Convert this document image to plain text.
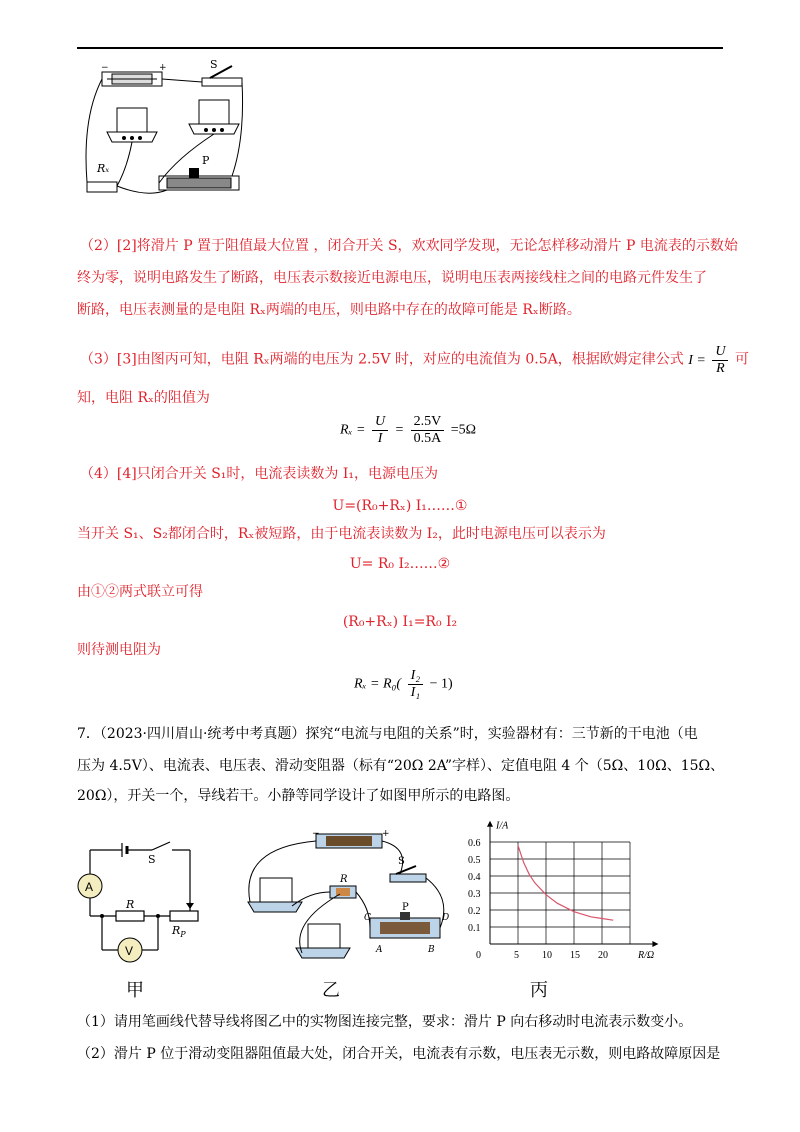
−	+	S
Rₓ
P
（2）[2]将滑片 P 置于阻值最大位置 ，闭合开关 S，欢欢同学发现，无论怎样移动滑片 P 电流表的示数始
终为零，说明电路发生了断路，电压表示数接近电源电压，说明电压表两接线柱之间的电路元件发生了
断路，电压表测量的是电阻 Rₓ两端的电压，则电路中存在的故障可能是 Rₓ断路。
（3）[3]由图丙可知，电阻 Rₓ两端的电压为 2.5V 时，对应的电流值为 0.5A，根据欧姆定律公式 $I = \frac{U}{R}$ 可
知，电阻 Rₓ的阻值为
$R_x = \frac{U}{I} = \frac{2.5V}{0.5A} =5\Omega$
（4）[4]只闭合开关 S₁时，电流表读数为 I₁，电源电压为
U=(R₀+Rₓ) I₁……①
当开关 S₁、S₂都闭合时，Rₓ被短路，由于电流表读数为 I₂，此时电源电压可以表示为
U= R₀ I₂……②
由①②两式联立可得
(R₀+Rₓ) I₁=R₀ I₂
则待测电阻为
$R_x = R_0( \frac{\text{I₂}}{\text{I₁}} - 1)$
7．（2023·四川眉山·统考中考真题）探究“电流与电阻的关系”时，实验器材有：三节新的干电池（电
压为 4.5V）、电流表、电压表、滑动变阻器（标有“20Ω 2A”字样）、定值电阻 4 个（5Ω、10Ω、15Ω、
20Ω），开关一个，导线若干。小静等同学设计了如图甲所示的电路图。
A
V
S
R
$R_P$
甲
−	+
S
R
P
A	B
C	D
乙
0	5 10 15 20
0.1
0.2
0.3
0.4
0.5
0.6
R/Ω
I/A
丙
（1）请用笔画线代替导线将图乙中的实物图连接完整，要求：滑片 P 向右移动时电流表示数变小。
（2）滑片 P 位于滑动变阻器阻值最大处，闭合开关，电流表有示数，电压表无示数，则电路故障原因是
